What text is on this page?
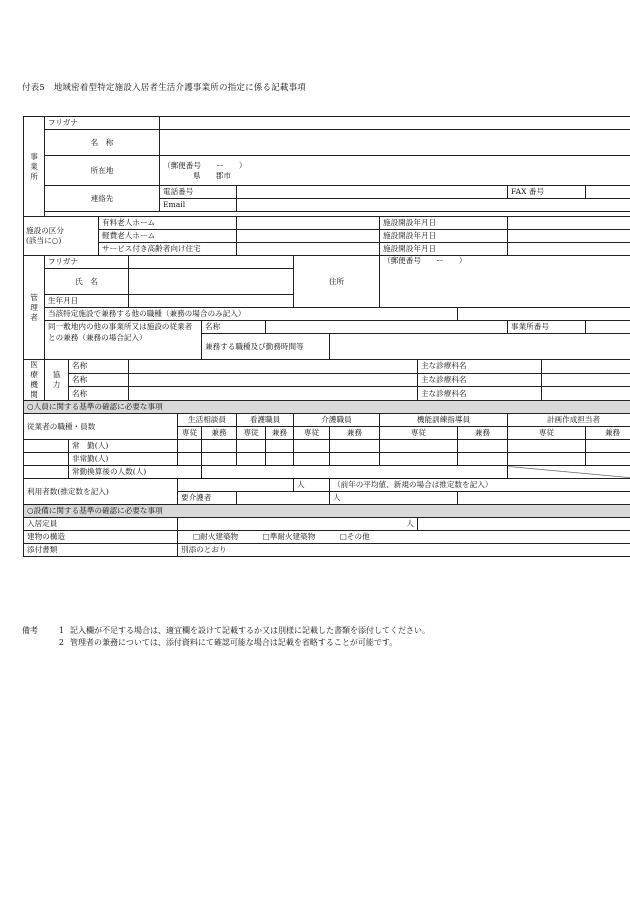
付表5　地域密着型特定施設入居者生活介護事業所の指定に係る記載事項
事
業
所	フリガナ																
	名　称																
	所在地				（郵便番号　　ー　　）
県　　郡市												

	連絡先				電話番号										FAX 番号		
					Email												

施設の区分
(該当に○)			有料老人ホーム									施設開設年月日					
			軽費老人ホーム									施設開設年月日					
			サービス付き高齢者向け住宅									施設開設年月日					
管
理
者	フリガナ									住所		（郵便番号　　ー　　）					

	氏　名																
	生年月日																
	当該特定施設で兼務する他の職種（兼務の場合のみ記入）																
	同一敷地内の他の事業所又は施設の従業者との兼務（兼務の場合記入）						名称								事業所番号		
							兼務する職種及び勤務時間等										
医
療
機
関	協
力	名称											主な診療科名				
		名称											主な診療科名				
		名称											主な診療科名				
○人員に関する基準の確認に必要な事項																	
従業者の職種・員数						生活相談員		看護職員		介護職員		機能訓練指導員			計画作成担当者		
						専従	兼務	専従	兼務	専従	兼務	専従		兼務	専従		兼務
		常　勤(人)															
		非常勤(人)															
		常勤換算後の人数(人)															
利用者数(推定数を記入)										人	（前年の平均値、新規の場合は推定数を記入）						
						要介護者					人						
○設備に関する基準の確認に必要な事項																	
入居定員						人											
建物の構造						□耐火建築物 □準耐火建築物 □その他											
添付書類						別添のとおり											
備考	1 記入欄が不足する場合は、適宜欄を設けて記載するか又は別様に記載した書類を添付してください。
2 管理者の兼務については、添付資料にて確認可能な場合は記載を省略することが可能です。
